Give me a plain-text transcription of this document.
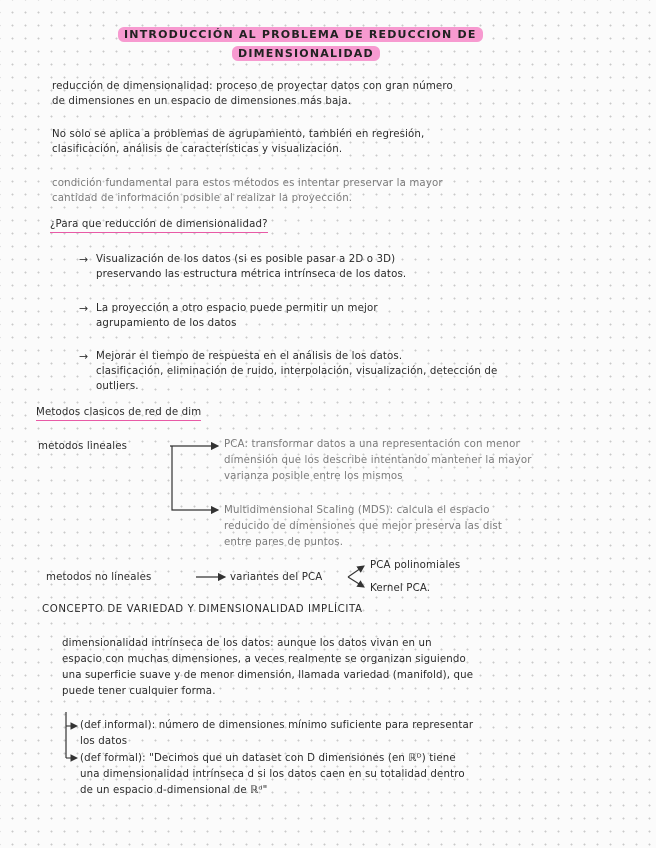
INTRODUCCIÓN AL PROBLEMA DE REDUCCION DE
DIMENSIONALIDAD
reducción de dimensionalidad: proceso de proyectar datos con gran número
de dimensiones en un espacio de dimensiones más baja.
No solo se aplica a problemas de agrupamiento, también en regresión,
clasificación, análisis de características y visualización.
condición fundamental para estos métodos es intentar preservar la mayor
cantidad de información posible al realizar la proyección.
¿Para que reducción de dimensionalidad?
→ Visualización de los datos (si es posible pasar a 2D o 3D)
preservando las estructura métrica intrínseca de los datos.
→ La proyección a otro espacio puede permitir un mejor
agrupamiento de los datos
→ Mejorar el tiempo de respuesta en el análisis de los datos.
clasificación, eliminación de ruido, interpolación, visualización, detección de
outliers.
Metodos clasicos de red de dim
metodos lineales	PCA: transformar datos a una representación con menor
dimensión que los describe intentando mantener la mayor
varianza posible entre los mismos
Multidimensional Scaling (MDS): calcula el espacio
reducido de dimensiones que mejor preserva las dist
entre pares de puntos.
metodos no lineales	variantes del PCA
PCA polinomiales
Kernel PCA.
CONCEPTO DE VARIEDAD Y DIMENSIONALIDAD IMPLÍCITA
dimensionalidad intrínseca de los datos: aunque los datos vivan en un
espacio con muchas dimensiones, a veces realmente se organizan siguiendo
una superficie suave y de menor dimensión, llamada variedad (manifold), que
puede tener cualquier forma.
(def informal): número de dimensiones mínimo suficiente para representar
los datos
(def formal): "Decimos que un dataset con D dimensiones (en ℝᴰ) tiene
una dimensionalidad intrínseca d si los datos caen en su totalidad dentro
de un espacio d-dimensional de ℝᵈ"
